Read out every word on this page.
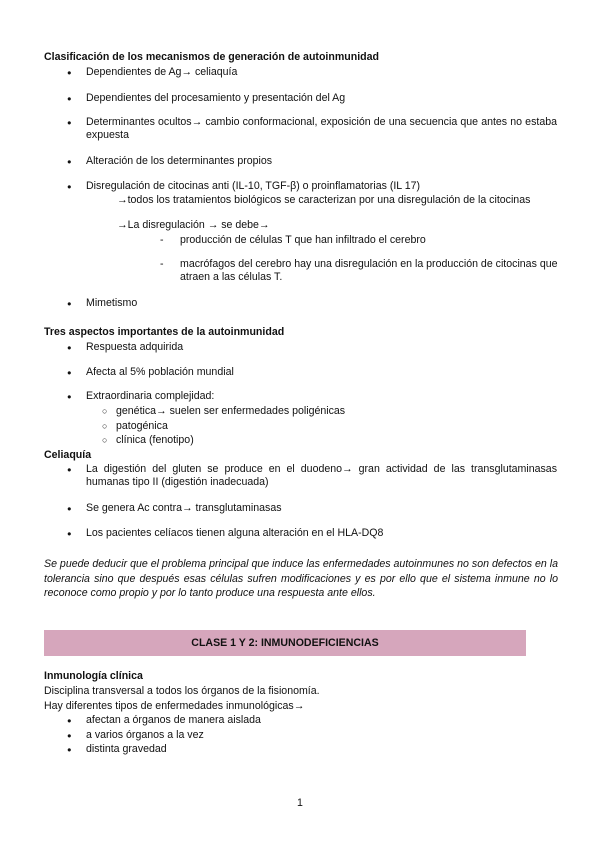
Clasificación de los mecanismos de generación de autoinmunidad
● Dependientes de Ag→ celiaquía
● Dependientes del procesamiento y presentación del Ag
● Determinantes ocultos→ cambio conformacional, exposición de una secuencia que antes no estaba expuesta
● Alteración de los determinantes propios
● Disregulación de citocinas anti (IL-10, TGF-β) o proinflamatorias (IL 17)
→todos los tratamientos biológicos se caracterizan por una disregulación de la citocinas
→La disregulación → se debe→
- producción de células T que han infiltrado el cerebro
- macrófagos del cerebro hay una disregulación en la producción de citocinas que atraen a las células T.
● Mimetismo
Tres aspectos importantes de la autoinmunidad
● Respuesta adquirida
● Afecta al 5% población mundial
● Extraordinaria complejidad:
○ genética→ suelen ser enfermedades poligénicas
○ patogénica
○ clínica (fenotipo)
Celiaquía
● La digestión del gluten se produce en el duodeno→ gran actividad de las transglutaminasas humanas tipo II (digestión inadecuada)
● Se genera Ac contra→ transglutaminasas
● Los pacientes celíacos tienen alguna alteración en el HLA-DQ8
Se puede deducir que el problema principal que induce las enfermedades autoinmunes no son defectos en la tolerancia sino que después esas células sufren modificaciones y es por ello que el sistema inmune no lo reconoce como propio y por lo tanto produce una respuesta ante ellos.
CLASE 1 Y 2: INMUNODEFICIENCIAS
Inmunología clínica
Disciplina transversal a todos los órganos de la fisionomía.
Hay diferentes tipos de enfermedades inmunológicas→
● afectan a órganos de manera aislada
● a varios órganos a la vez
● distinta gravedad
1
